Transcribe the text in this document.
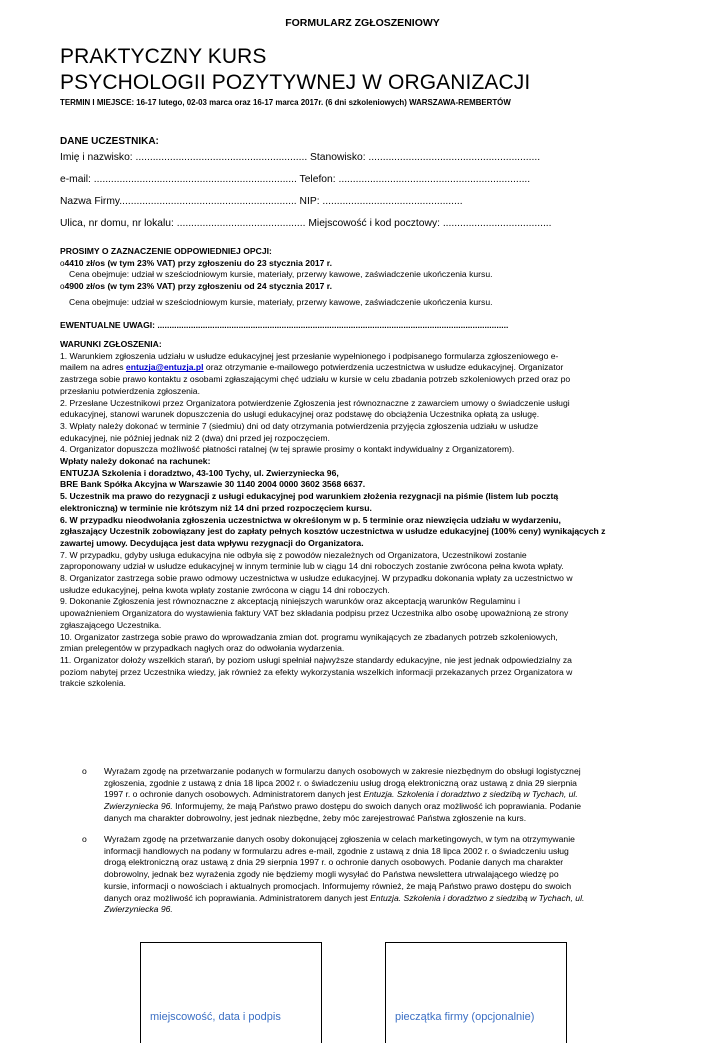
FORMULARZ ZGŁOSZENIOWY
PRAKTYCZNY KURS
PSYCHOLOGII POZYTYWNEJ W ORGANIZACJI
TERMIN I MIEJSCE: 16-17 lutego, 02-03 marca oraz 16-17 marca 2017r. (6 dni szkoleniowych) WARSZAWA-REMBERTÓW
DANE UCZESTNIKA:
Imię i nazwisko: ............................................................ Stanowisko: ............................................................
e-mail: ....................................................................... Telefon: ...................................................................
Nazwa Firmy.............................................................. NIP: .................................................
Ulica, nr domu, nr lokalu: ............................................. Miejscowość i kod pocztowy: ......................................
PROSIMY O ZAZNACZENIE ODPOWIEDNIEJ OPCJI:
o4410 zł/os (w tym 23% VAT) przy zgłoszeniu do 23 stycznia 2017 r.
Cena obejmuje: udział w sześciodniowym kursie, materiały, przerwy kawowe, zaświadczenie ukończenia kursu.
o4900 zł/os (w tym 23% VAT) przy zgłoszeniu od 24 stycznia 2017 r.
Cena obejmuje: udział w sześciodniowym kursie, materiały, przerwy kawowe, zaświadczenie ukończenia kursu.
EWENTUALNE UWAGI: ...................................................................................................................................................
WARUNKI ZGŁOSZENIA:
1. Warunkiem zgłoszenia udziału w usłudze edukacyjnej jest przesłanie wypełnionego i podpisanego formularza zgłoszeniowego e-
mailem na adres entuzja@entuzja.pl oraz otrzymanie e-mailowego potwierdzenia uczestnictwa w usłudze edukacyjnej. Organizator
zastrzega sobie prawo kontaktu z osobami zgłaszającymi chęć udziału w kursie w celu zbadania potrzeb szkoleniowych przed oraz po
przesłaniu potwierdzenia zgłoszenia.
2. Przesłane Uczestnikowi przez Organizatora potwierdzenie Zgłoszenia jest równoznaczne z zawarciem umowy o świadczenie usługi
edukacyjnej, stanowi warunek dopuszczenia do usługi edukacyjnej oraz podstawę do obciążenia Uczestnika opłatą za usługę.
3. Wpłaty należy dokonać w terminie 7 (siedmiu) dni od daty otrzymania potwierdzenia przyjęcia zgłoszenia udziału w usłudze
edukacyjnej, nie później jednak niż 2 (dwa) dni przed jej rozpoczęciem.
4. Organizator dopuszcza możliwość płatności ratalnej (w tej sprawie prosimy o kontakt indywidualny z Organizatorem).
Wpłaty należy dokonać na rachunek:
ENTUZJA Szkolenia i doradztwo, 43-100 Tychy, ul. Zwierzyniecka 96,
BRE Bank Spółka Akcyjna w Warszawie 30 1140 2004 0000 3602 3568 6637.
5. Uczestnik ma prawo do rezygnacji z usługi edukacyjnej pod warunkiem złożenia rezygnacji na piśmie (listem lub pocztą
elektroniczną) w terminie nie krótszym niż 14 dni przed rozpoczęciem kursu.
6. W przypadku nieodwołania zgłoszenia uczestnictwa w określonym w p. 5 terminie oraz niewzięcia udziału w wydarzeniu,
zgłaszający Uczestnik zobowiązany jest do zapłaty pełnych kosztów uczestnictwa w usłudze edukacyjnej (100% ceny) wynikających z
zawartej umowy. Decydująca jest data wpływu rezygnacji do Organizatora.
7. W przypadku, gdyby usługa edukacyjna nie odbyła się z powodów niezależnych od Organizatora, Uczestnikowi zostanie
zaproponowany udział w usłudze edukacyjnej w innym terminie lub w ciągu 14 dni roboczych zostanie zwrócona pełna kwota wpłaty.
8. Organizator zastrzega sobie prawo odmowy uczestnictwa w usłudze edukacyjnej. W przypadku dokonania wpłaty za uczestnictwo w
usłudze edukacyjnej, pełna kwota wpłaty zostanie zwrócona w ciągu 14 dni roboczych.
9. Dokonanie Zgłoszenia jest równoznaczne z akceptacją niniejszych warunków oraz akceptacją warunków Regulaminu i
upoważnieniem Organizatora do wystawienia faktury VAT bez składania podpisu przez Uczestnika albo osobę upoważnioną ze strony
zgłaszającego Uczestnika.
10. Organizator zastrzega sobie prawo do wprowadzania zmian dot. programu wynikających ze zbadanych potrzeb szkoleniowych,
zmian prelegentów w przypadkach nagłych oraz do odwołania wydarzenia.
11. Organizator dołoży wszelkich starań, by poziom usługi spełniał najwyższe standardy edukacyjne, nie jest jednak odpowiedzialny za
poziom nabytej przez Uczestnika wiedzy, jak również za efekty wykorzystania wszelkich informacji przekazanych przez Organizatora w
trakcie szkolenia.
o Wyrażam zgodę na przetwarzanie podanych w formularzu danych osobowych w zakresie niezbędnym do obsługi logistycznej
zgłoszenia, zgodnie z ustawą z dnia 18 lipca 2002 r. o świadczeniu usług drogą elektroniczną oraz ustawą z dnia 29 sierpnia
1997 r. o ochronie danych osobowych. Administratorem danych jest Entuzja. Szkolenia i doradztwo z siedzibą w Tychach, ul.
Zwierzyniecka 96. Informujemy, że mają Państwo prawo dostępu do swoich danych oraz możliwość ich poprawiania. Podanie
danych ma charakter dobrowolny, jest jednak niezbędne, żeby móc zarejestrować Państwa zgłoszenie na kurs.
o Wyrażam zgodę na przetwarzanie danych osoby dokonującej zgłoszenia w celach marketingowych, w tym na otrzymywanie
informacji handlowych na podany w formularzu adres e-mail, zgodnie z ustawą z dnia 18 lipca 2002 r. o świadczeniu usług
drogą elektroniczną oraz ustawą z dnia 29 sierpnia 1997 r. o ochronie danych osobowych. Podanie danych ma charakter
dobrowolny, jednak bez wyrażenia zgody nie będziemy mogli wysyłać do Państwa newslettera utrwalającego wiedzę po
kursie, informacji o nowościach i aktualnych promocjach. Informujemy również, że mają Państwo prawo dostępu do swoich
danych oraz możliwość ich poprawiania. Administratorem danych jest Entuzja. Szkolenia i doradztwo z siedzibą w Tychach, ul.
Zwierzyniecka 96.
miejscowość, data i podpis	pieczątka firmy (opcjonalnie)
